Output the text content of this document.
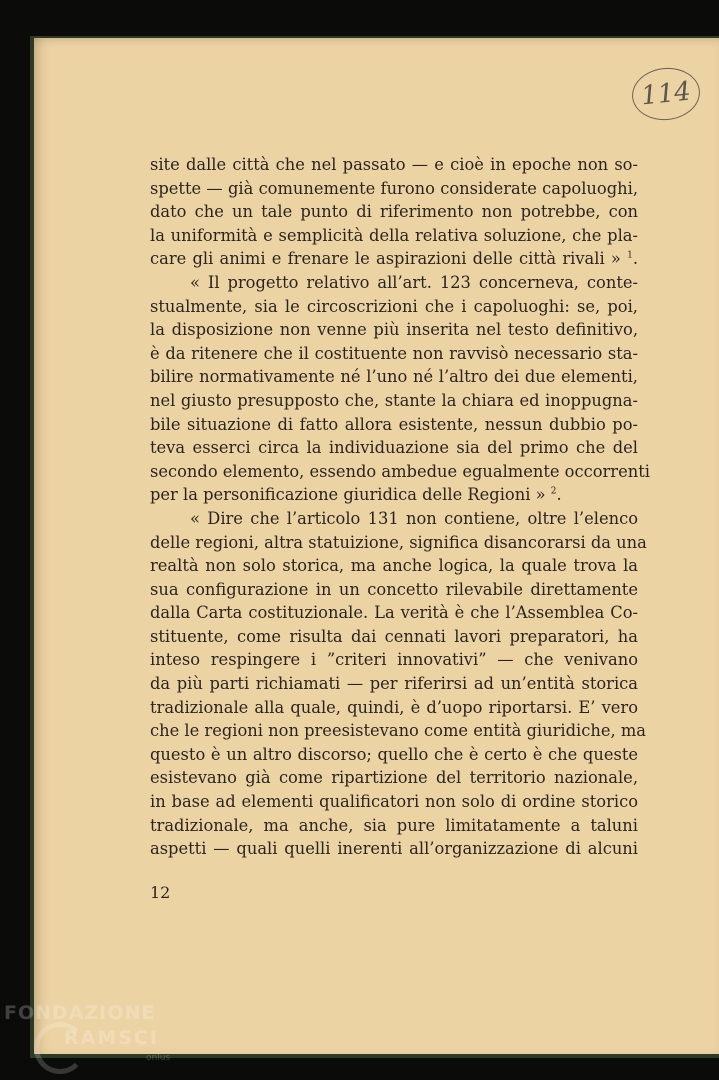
114
site dalle città che nel passato — e cioè in epoche non so-
spette — già comunemente furono considerate capoluoghi,
dato che un tale punto di riferimento non potrebbe, con
la uniformità e semplicità della relativa soluzione, che pla-
care gli animi e frenare le aspirazioni delle città rivali » $^1$.
« Il progetto relativo all’art. 123 concerneva, conte-
stualmente, sia le circoscrizioni che i capoluoghi: se, poi,
la disposizione non venne più inserita nel testo definitivo,
è da ritenere che il costituente non ravvisò necessario sta-
bilire normativamente né l’uno né l’altro dei due elementi,
nel giusto presupposto che, stante la chiara ed inoppugna-
bile situazione di fatto allora esistente, nessun dubbio po-
teva esserci circa la individuazione sia del primo che del
secondo elemento, essendo ambedue egualmente occorrenti
per la personificazione giuridica delle Regioni » $^2$.
« Dire che l’articolo 131 non contiene, oltre l’elenco
delle regioni, altra statuizione, significa disancorarsi da una
realtà non solo storica, ma anche logica, la quale trova la
sua configurazione in un concetto rilevabile direttamente
dalla Carta costituzionale. La verità è che l’Assemblea Co-
stituente, come risulta dai cennati lavori preparatori, ha
inteso respingere i ”criteri innovativi” — che venivano
da più parti richiamati — per riferirsi ad un’entità storica
tradizionale alla quale, quindi, è d’uopo riportarsi. E’ vero
che le regioni non preesistevano come entità giuridiche, ma
questo è un altro discorso; quello che è certo è che queste
esistevano già come ripartizione del territorio nazionale,
in base ad elementi qualificatori non solo di ordine storico
tradizionale, ma anche, sia pure limitatamente a taluni
aspetti — quali quelli inerenti all’organizzazione di alcuni
12
FONDAZIONE
RAMSCI
onlus
